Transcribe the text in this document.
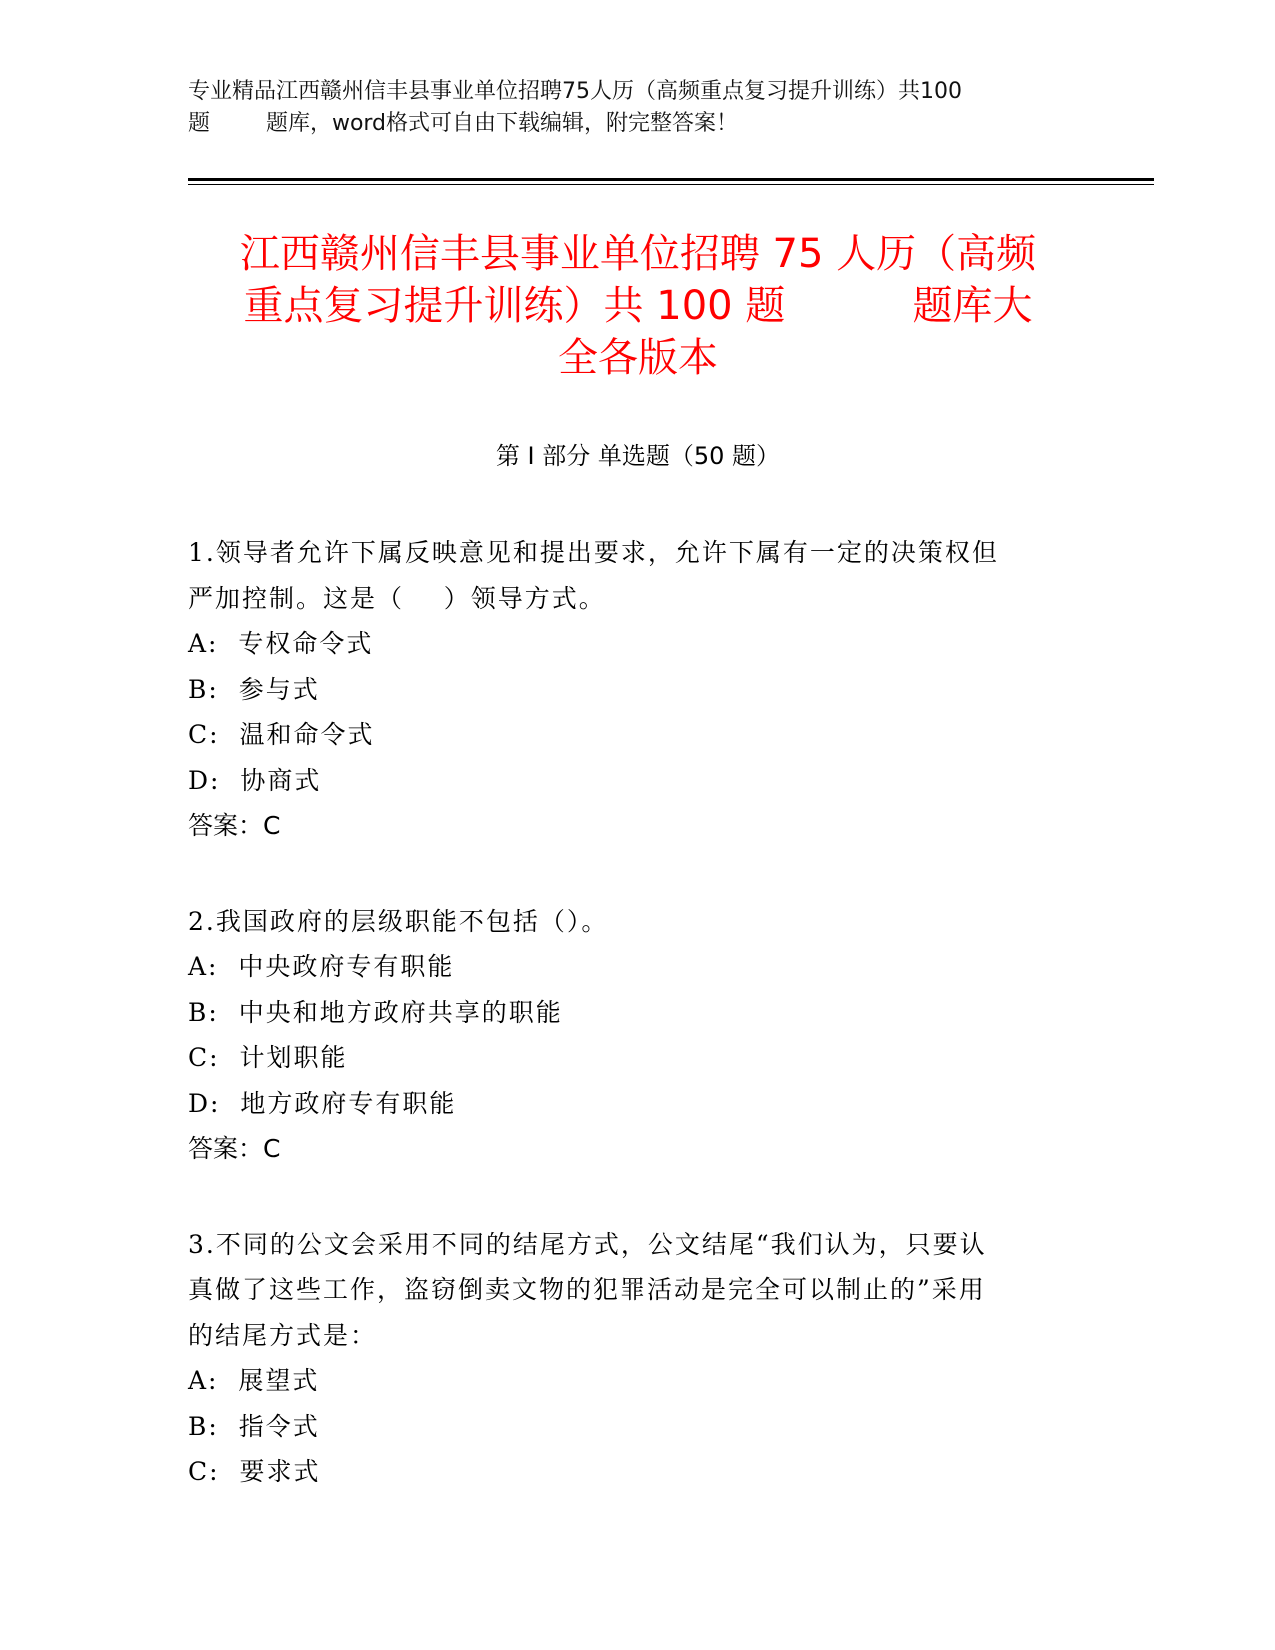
专业精品江西赣州信丰县事业单位招聘75人历（高频重点复习提升训练）共100
题        题库，word格式可自由下载编辑，附完整答案！
江西赣州信丰县事业单位招聘 75 人历（高频
重点复习提升训练）共 100 题          题库大
全各版本
第 I 部分 单选题（50 题）
1.领导者允许下属反映意见和提出要求，允许下属有一定的决策权但
严加控制。这是（    ）领导方式。
A:  专权命令式
B:  参与式
C:  温和命令式
D:  协商式
答案：C
2.我国政府的层级职能不包括（）。
A:  中央政府专有职能
B:  中央和地方政府共享的职能
C:  计划职能
D:  地方政府专有职能
答案：C
3.不同的公文会采用不同的结尾方式，公文结尾“我们认为，只要认
真做了这些工作，盗窃倒卖文物的犯罪活动是完全可以制止的”采用
的结尾方式是：
A:  展望式
B:  指令式
C:  要求式
